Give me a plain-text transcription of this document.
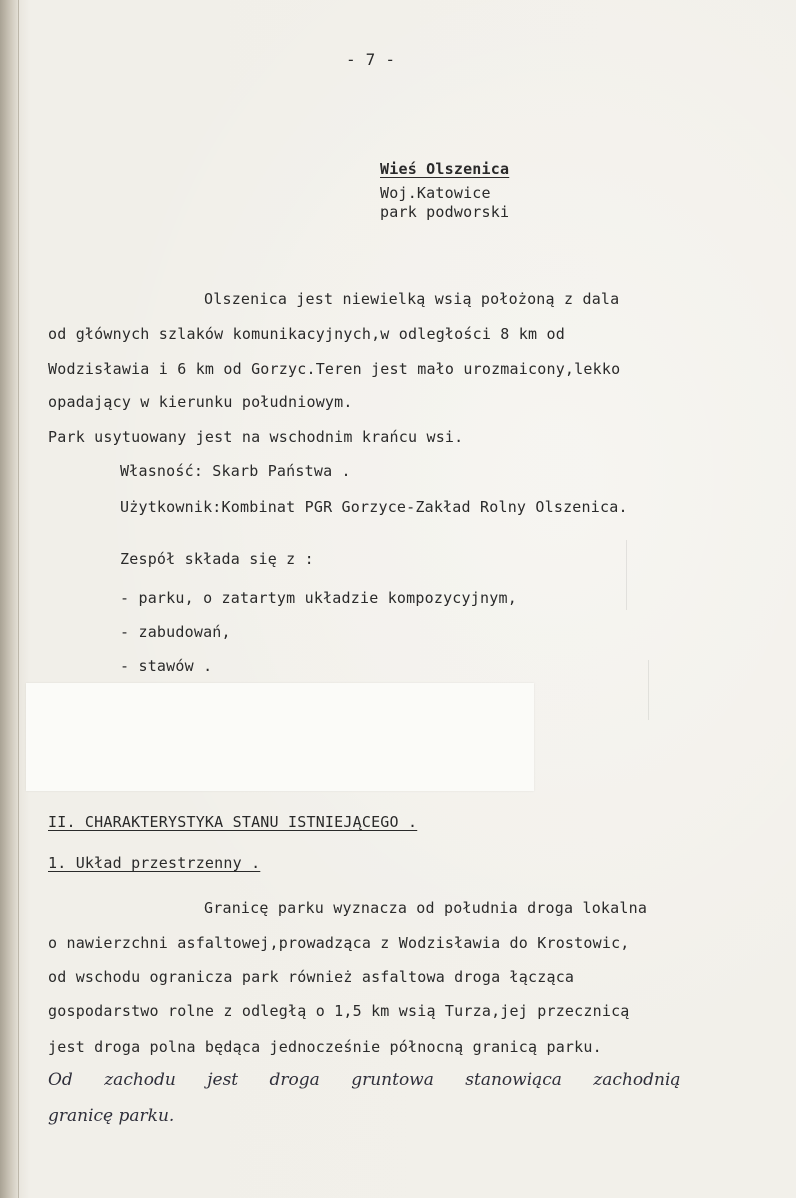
- 7 -
Wieś Olszenica
Woj.Katowice
park podworski
Olszenica jest niewielką wsią położoną z dala
od głównych szlaków komunikacyjnych,w odległości 8 km od
Wodzisławia i 6 km od Gorzyc.Teren jest mało urozmaicony,lekko
opadający w kierunku południowym.
Park usytuowany jest na wschodnim krańcu wsi.
Własność: Skarb Państwa .
Użytkownik:Kombinat PGR Gorzyce-Zakład Rolny Olszenica.
Zespół składa się z :
- parku, o zatartym układzie kompozycyjnym,
- zabudowań,
- stawów .
II. CHARAKTERYSTYKA STANU ISTNIEJĄCEGO .
1. Układ przestrzenny .
Granicę parku wyznacza od południa droga lokalna
o nawierzchni asfaltowej,prowadząca z Wodzisławia do Krostowic,
od wschodu ogranicza park również asfaltowa droga łącząca
gospodarstwo rolne z odległą o 1,5 km wsią Turza,jej przecznicą
jest droga polna będąca jednocześnie północną granicą parku.
Od zachodu jest droga gruntowa stanowiąca zachodnią
granicę parku.
